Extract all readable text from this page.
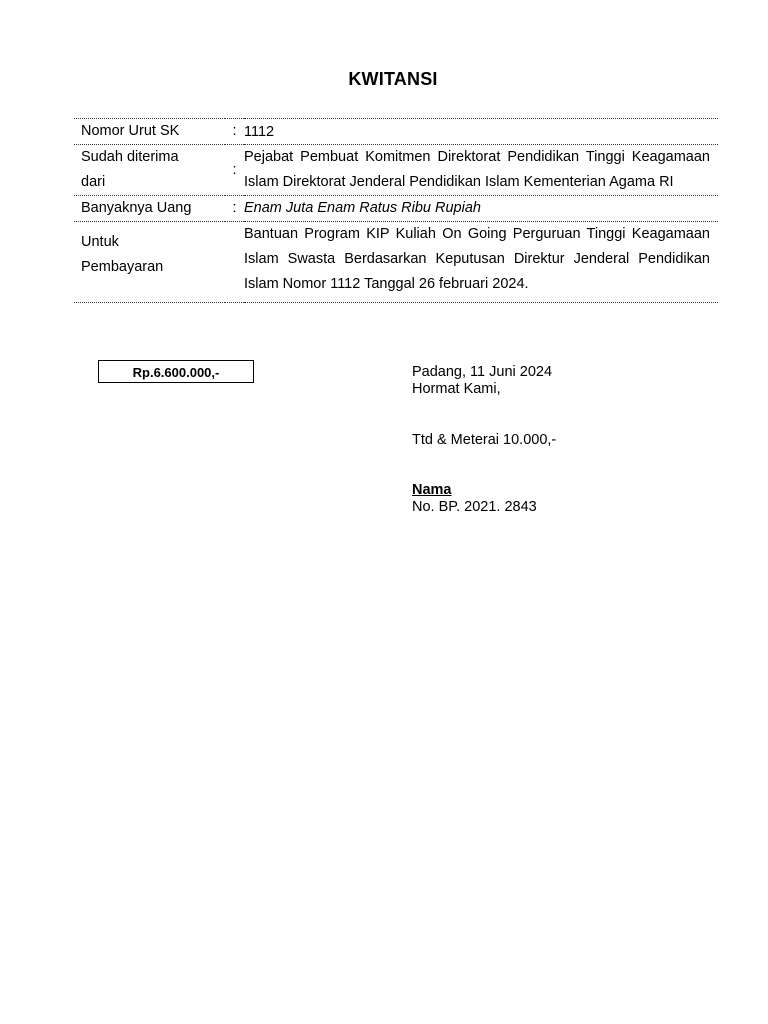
KWITANSI
Nomor Urut SK	:	1112
Sudah diterima dari	:	Pejabat Pembuat Komitmen Direktorat Pendidikan Tinggi Keagamaan Islam Direktorat Jenderal Pendidikan Islam Kementerian Agama RI
Banyaknya Uang	:	Enam Juta Enam Ratus Ribu Rupiah
Untuk Pembayaran		Bantuan Program KIP Kuliah On Going Perguruan Tinggi Keagamaan Islam Swasta Berdasarkan Keputusan Direktur Jenderal Pendidikan Islam Nomor 1112 Tanggal 26 februari 2024.
Rp.6.600.000,-	Padang, 11 Juni 2024
Hormat Kami,
Ttd & Meterai 10.000,-
Nama
No. BP. 2021. 2843
